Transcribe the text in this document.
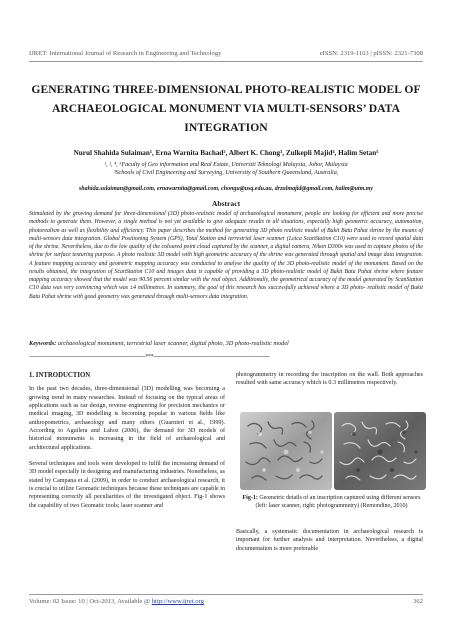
IJRET: International Journal of Research in Engineering and Technology	eISSN: 2319-1163 | pISSN: 2321-7308
GENERATING THREE-DIMENSIONAL PHOTO-REALISTIC MODEL OF
ARCHAEOLOGICAL MONUMENT VIA MULTI-SENSORS’ DATA
INTEGRATION
Nurul Shahida Sulaiman¹, Erna Warnita Bachad², Albert K. Chong³, Zulkepli Majid⁴, Halim Setan⁵
¹, ², ⁴, ⁵Faculty of Geo information and Real Estate, Universiti Teknologi Malaysia, Johor, Malaysia
³Schools of Civil Engineering and Surveying, University of Southern Queensland, Australia,
shahida.sulaiman@gmail.com, ernawarnita@gmail.com, chongu@usq.edu.au, drzulmajid@gmail.com, halim@utm.my
Abstract
Stimulated by the growing demand for three-dimensional (3D) photo-realistic model of archaeological monument, people are looking for efficient and more precise methods to generate them. However, a single method is not yet available to give adequate results in all situations, especially high geometric accuracy, automation, photorealism as well as flexibility and efficiency. This paper describes the method for generating 3D photo realistic model of Bukit Batu Pahat shrine by the means of multi-sensors data integration. Global Positioning System (GPS), Total Station and terrestrial laser scanner (Leica ScanStation C10) were used to record spatial data of the shrine. Nevertheless, due to the low quality of the coloured point cloud captured by the scanner, a digital camera, Nikon D300s was used to capture photos of the shrine for surface texturing purpose. A photo realistic 3D model with high geometric accuracy of the shrine was generated through spatial and image data integration. A feature mapping accuracy and geometric mapping accuracy was conducted to analyse the quality of the 3D photo-realistic model of the monument. Based on the results obtained, the integration of ScanStation C10 and images data is capable of providing a 3D photo-realistic model of Bukit Batu Pahat shrine where feature mapping accuracy showed that the model was 90.56 percent similar with the real object. Additionally, the geometrical accuracy of the model generated by ScanStation C10 data was very convincing which was ±4 millimetres. In summary, the goal of this research has successfully achieved where a 3D photo- realistic model of Bukit Batu Pahat shrine with good geometry was generated through multi-sensors data integration.
Keywords: archaeological monument, terrestrial laser scanner, digital photo, 3D photo-realistic model
----------------------------------------------------------------------***----------------------------------------------------------------------
1. INTRODUCTION

In the past two decades, three-dimensional (3D) modelling was becoming a growing trend in many researches. Instead of focusing on the typical areas of applications such as car design, reverse engineering for precision mechanics or medical imaging, 3D modelling is becoming popular in various fields like anthropometrics, archaeology and many others (Guarnieri et al., 1999). According to Aguilera and Lahoz (2006), the demand for 3D models of historical monuments is increasing in the field of archaeological and architectural applications.

Several techniques and tools were developed to fulfil the increasing demand of 3D model especially in designing and manufacturing industries. Nonetheless, as stated by Campana et al. (2009), in order to conduct archaeological research, it is crucial to utilize Geomatic techniques because these techniques are capable in representing correctly all peculiarities of the investigated object. Fig-1 shows the capability of two Geomatic tools; laser scanner and

photogrammetry in recording the inscription on the wall. Both approaches resulted with same accuracy which is 0.3 millimetres respectively.
Fig-1: Geometric details of an inscription captured using different sensors (left: laser scanner, right: photogrammetry) (Remondino, 2010)
Basically, a systematic documentation in archaeological research is important for further analysis and interpretation. Nevertheless, a digital documentation is more preferable
Volume: 02 Issue: 10 | Oct-2013, Available @ http://www.ijret.org	362
